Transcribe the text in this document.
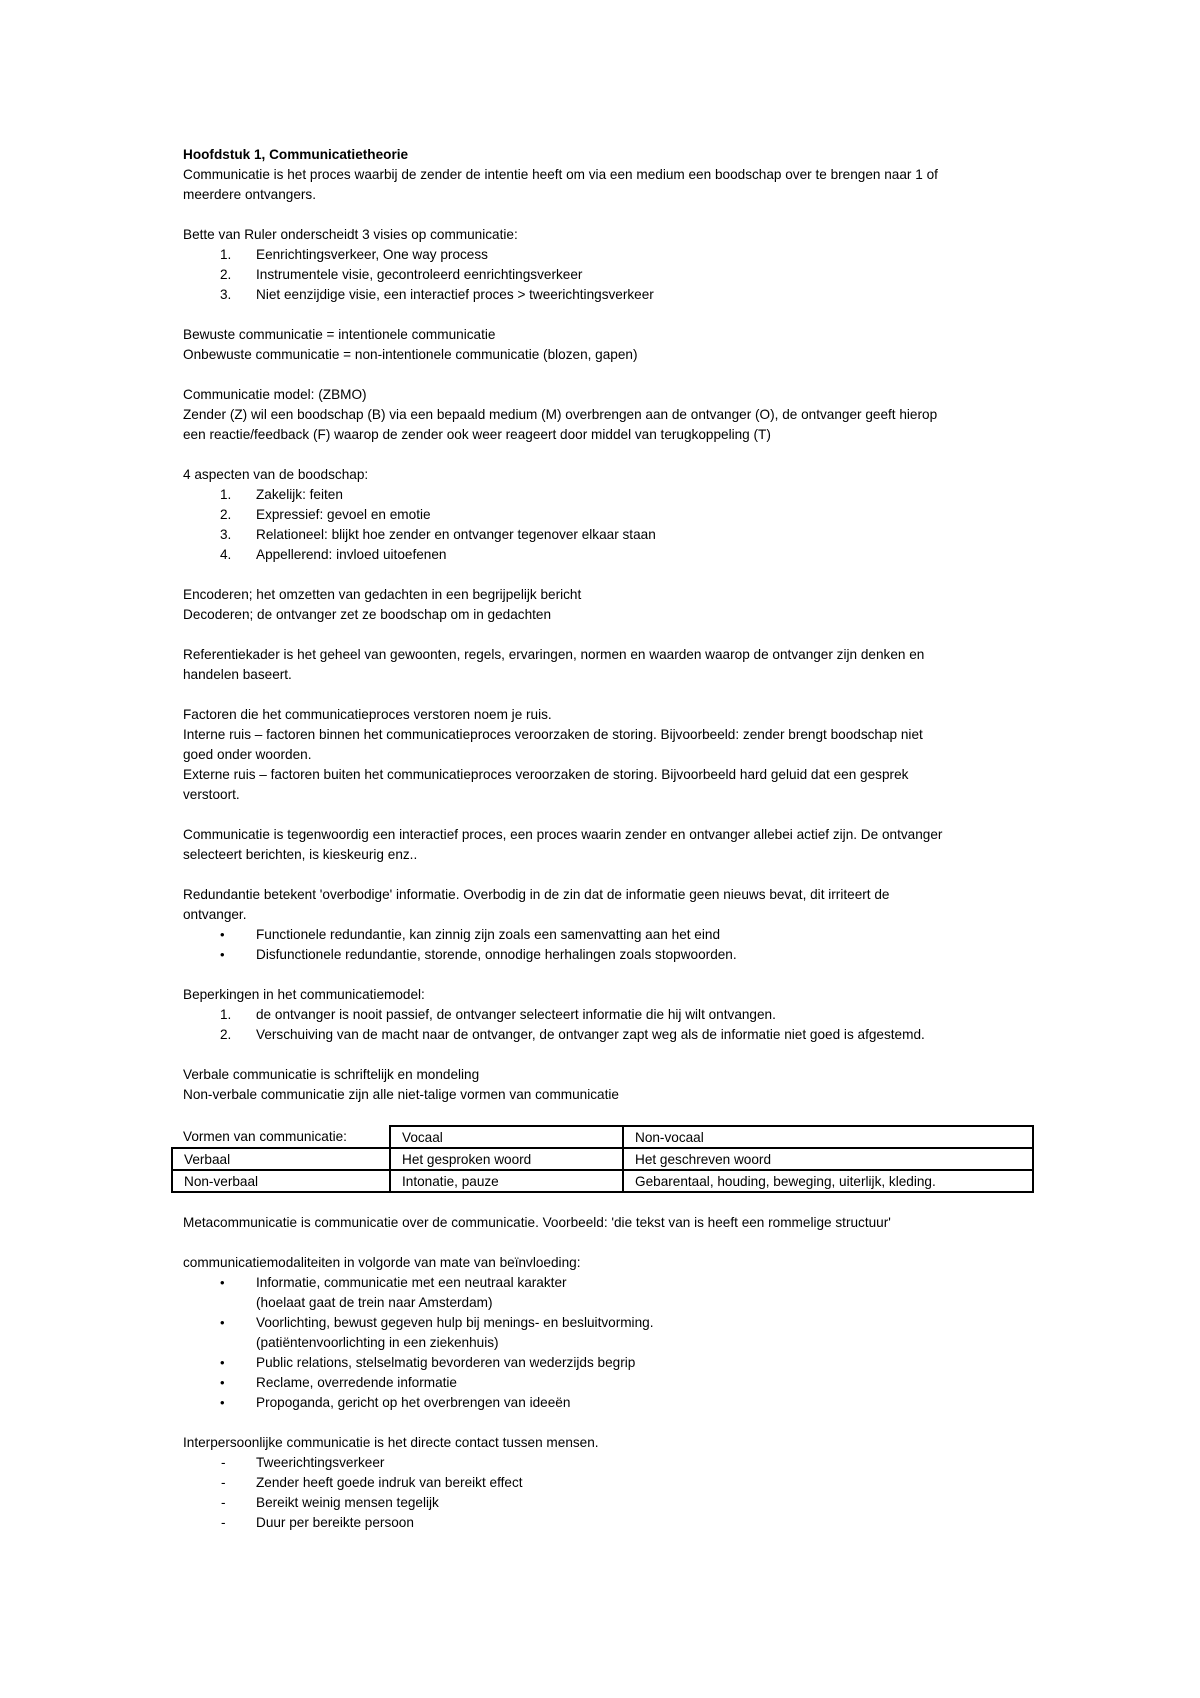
Hoofdstuk 1, Communicatietheorie

Communicatie is het proces waarbij de zender de intentie heeft om via een medium een boodschap over te brengen naar 1 of

meerdere ontvangers.

Bette van Ruler onderscheidt 3 visies op communicatie:

1. Eenrichtingsverkeer, One way process
2. Instrumentele visie, gecontroleerd eenrichtingsverkeer
3. Niet eenzijdige visie, een interactief proces > tweerichtingsverkeer

Bewuste communicatie = intentionele communicatie

Onbewuste communicatie = non-intentionele communicatie (blozen, gapen)

Communicatie model: (ZBMO)

Zender (Z) wil een boodschap (B) via een bepaald medium (M) overbrengen aan de ontvanger (O), de ontvanger geeft hierop

een reactie/feedback (F) waarop de zender ook weer reageert door middel van terugkoppeling (T)

4 aspecten van de boodschap:

1. Zakelijk: feiten
2. Expressief: gevoel en emotie
3. Relationeel: blijkt hoe zender en ontvanger tegenover elkaar staan
4. Appellerend: invloed uitoefenen

Encoderen; het omzetten van gedachten in een begrijpelijk bericht

Decoderen; de ontvanger zet ze boodschap om in gedachten

Referentiekader is het geheel van gewoonten, regels, ervaringen, normen en waarden waarop de ontvanger zijn denken en

handelen baseert.

Factoren die het communicatieproces verstoren noem je ruis.

Interne ruis – factoren binnen het communicatieproces veroorzaken de storing. Bijvoorbeeld: zender brengt boodschap niet

goed onder woorden.

Externe ruis – factoren buiten het communicatieproces veroorzaken de storing. Bijvoorbeeld hard geluid dat een gesprek

verstoort.

Communicatie is tegenwoordig een interactief proces, een proces waarin zender en ontvanger allebei actief zijn. De ontvanger

selecteert berichten, is kieskeurig enz..

Redundantie betekent 'overbodige' informatie. Overbodig in de zin dat de informatie geen nieuws bevat, dit irriteert de

ontvanger.

• Functionele redundantie, kan zinnig zijn zoals een samenvatting aan het eind
• Disfunctionele redundantie, storende, onnodige herhalingen zoals stopwoorden.

Beperkingen in het communicatiemodel:

1. de ontvanger is nooit passief, de ontvanger selecteert informatie die hij wilt ontvangen.
2. Verschuiving van de macht naar de ontvanger, de ontvanger zapt weg als de informatie niet goed is afgestemd.

Verbale communicatie is schriftelijk en mondeling

Non-verbale communicatie zijn alle niet-talige vormen van communicatie

Vormen van communicatie:	Vocaal	Non-vocaal
Verbaal	Het gesproken woord	Het geschreven woord
Non-verbaal	Intonatie, pauze	Gebarentaal, houding, beweging, uiterlijk, kleding.

Metacommunicatie is communicatie over de communicatie. Voorbeeld: 'die tekst van is heeft een rommelige structuur'

communicatiemodaliteiten in volgorde van mate van beïnvloeding:

• Informatie, communicatie met een neutraal karakter
(hoelaat gaat de trein naar Amsterdam)
• Voorlichting, bewust gegeven hulp bij menings- en besluitvorming.
(patiëntenvoorlichting in een ziekenhuis)
• Public relations, stelselmatig bevorderen van wederzijds begrip
• Reclame, overredende informatie
• Propoganda, gericht op het overbrengen van ideeën

Interpersoonlijke communicatie is het directe contact tussen mensen.

- Tweerichtingsverkeer
- Zender heeft goede indruk van bereikt effect
- Bereikt weinig mensen tegelijk
- Duur per bereikte persoon
